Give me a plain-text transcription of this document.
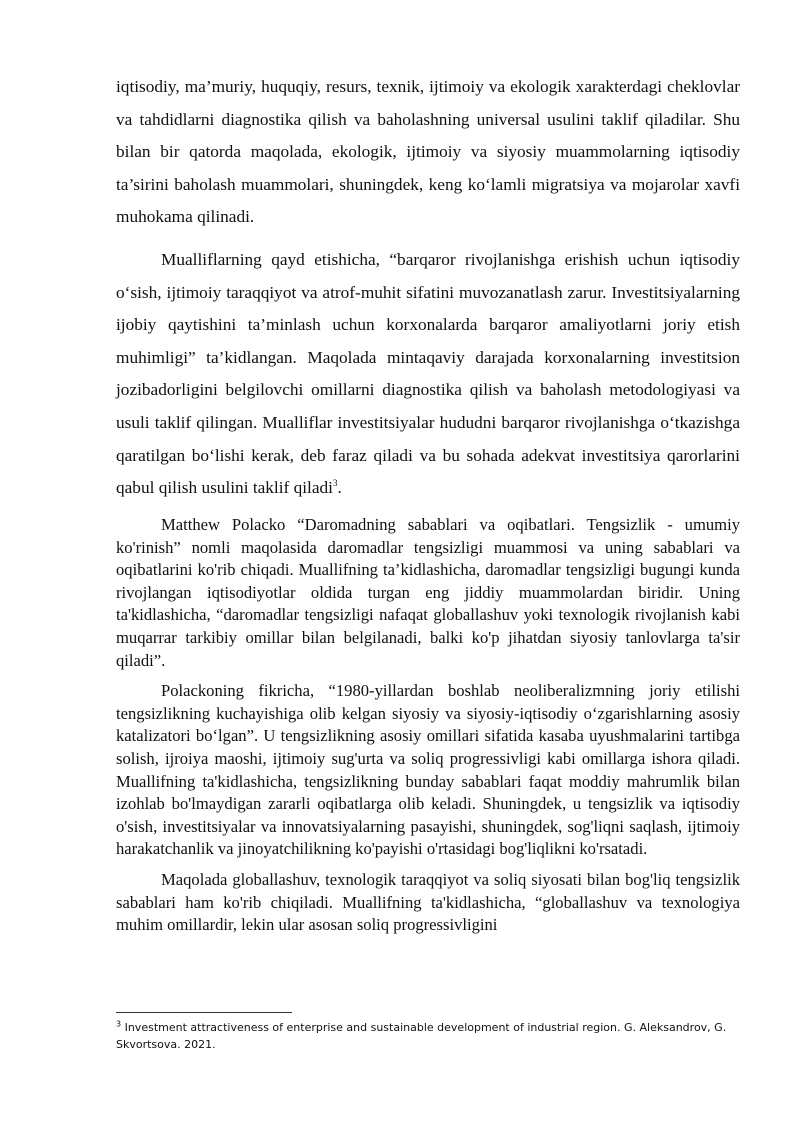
iqtisodiy, ma’muriy, huquqiy, resurs, texnik, ijtimoiy va ekologik xarakterdagi cheklovlar va tahdidlarni diagnostika qilish va baholashning universal usulini taklif qiladilar. Shu bilan bir qatorda maqolada, ekologik, ijtimoiy va siyosiy muammolarning iqtisodiy ta’sirini baholash muammolari, shuningdek, keng ko‘lamli migratsiya va mojarolar xavfi muhokama qilinadi.

Mualliflarning qayd etishicha, “barqaror rivojlanishga erishish uchun iqtisodiy o‘sish, ijtimoiy taraqqiyot va atrof-muhit sifatini muvozanatlash zarur. Investitsiyalarning ijobiy qaytishini ta’minlash uchun korxonalarda barqaror amaliyotlarni joriy etish muhimligi” ta’kidlangan. Maqolada mintaqaviy darajada korxonalarning investitsion jozibadorligini belgilovchi omillarni diagnostika qilish va baholash metodologiyasi va usuli taklif qilingan. Mualliflar investitsiyalar hududni barqaror rivojlanishga o‘tkazishga qaratilgan bo‘lishi kerak, deb faraz qiladi va bu sohada adekvat investitsiya qarorlarini qabul qilish usulini taklif qiladi$^3$.

Matthew Polacko “Daromadning sabablari va oqibatlari. Tengsizlik - umumiy ko'rinish” nomli maqolasida daromadlar tengsizligi muammosi va uning sabablari va oqibatlarini ko'rib chiqadi. Muallifning ta’kidlashicha, daromadlar tengsizligi bugungi kunda rivojlangan iqtisodiyotlar oldida turgan eng jiddiy muammolardan biridir. Uning ta'kidlashicha, “daromadlar tengsizligi nafaqat globallashuv yoki texnologik rivojlanish kabi muqarrar tarkibiy omillar bilan belgilanadi, balki ko'p jihatdan siyosiy tanlovlarga ta'sir qiladi”.

Polackoning fikricha, “1980-yillardan boshlab neoliberalizmning joriy etilishi tengsizlikning kuchayishiga olib kelgan siyosiy va siyosiy-iqtisodiy o‘zgarishlarning asosiy katalizatori bo‘lgan”. U tengsizlikning asosiy omillari sifatida kasaba uyushmalarini tartibga solish, ijroiya maoshi, ijtimoiy sug'urta va soliq progressivligi kabi omillarga ishora qiladi. Muallifning ta'kidlashicha, tengsizlikning bunday sabablari faqat moddiy mahrumlik bilan izohlab bo'lmaydigan zararli oqibatlarga olib keladi. Shuningdek, u tengsizlik va iqtisodiy o'sish, investitsiyalar va innovatsiyalarning pasayishi, shuningdek, sog'liqni saqlash, ijtimoiy harakatchanlik va jinoyatchilikning ko'payishi o'rtasidagi bog'liqlikni ko'rsatadi.

Maqolada globallashuv, texnologik taraqqiyot va soliq siyosati bilan bog'liq tengsizlik sabablari ham ko'rib chiqiladi. Muallifning ta'kidlashicha, “globallashuv va texnologiya muhim omillardir, lekin ular asosan soliq progressivligini

$^3$ Investment attractiveness of enterprise and sustainable development of industrial region. G. Aleksandrov, G. Skvortsova. 2021.
